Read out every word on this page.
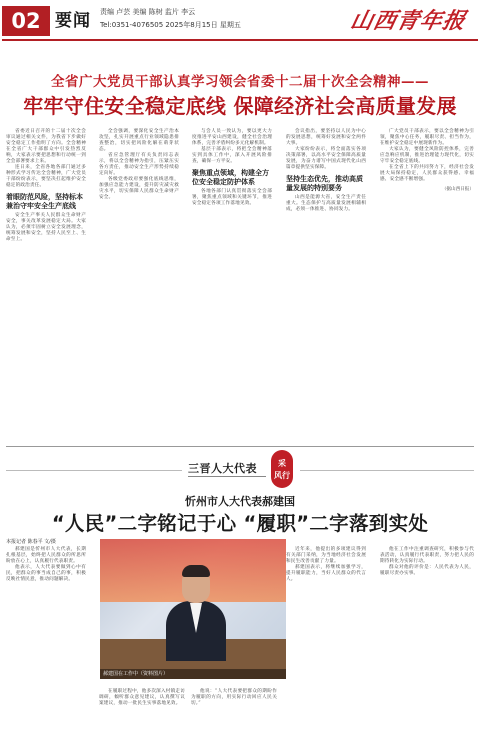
02 要闻 责编 卢芸 美编 陈树 监片 李云
Tel:0351-4076505 2025年8月15日 星期五	山西青年报
全省广大党员干部认真学习领会省委十二届十次全会精神——
牢牢守住安全稳定底线 保障经济社会高质量发展

省委近日召开的十二届十次全会审议通过相关文件，为我省下步做好安全稳定工作指明了方向。全会精神在全省广大干部群众中引发热烈反响，大家表示要把思想和行动统一到全会部署要求上来。

连日来，全省各地各部门通过多种形式学习传达全会精神，广大党员干部纷纷表示，要坚决扛起维护安全稳定的政治责任。

着眼防范风险，坚持标本兼治守牢安全生产底线

安全生产事关人民群众生命财产安全，事关改革发展稳定大局。大家认为，必须牢固树立安全发展理念，统筹发展和安全，坚持人民至上、生命至上。

全会强调，要深化安全生产治本攻坚，扎实开展重点行业领域隐患排查整治，切实把风险化解在萌芽状态。

省应急管理厅有关负责同志表示，将以全会精神为指引，压紧压实各方责任，推动安全生产形势持续稳定向好。

各级党委政府要强化底线思维，加强应急能力建设，提升防灾减灾救灾水平，切实保障人民群众生命财产安全。

与会人员一致认为，要以更大力度推进平安山西建设，健全社会治理体系，完善矛盾纠纷多元化解机制。

基层干部表示，将把全会精神落实到具体工作中，深入开展风险排查，确保一方平安。

聚焦重点领域，构建全方位安全稳定防护体系

各地各部门认真贯彻落实全会部署，聚焦重点领域和关键环节，推进安全稳定各项工作落地见效。

会议指出，要坚持以人民为中心的发展思想，统筹好发展和安全两件大事。

大家纷纷表示，将全面落实各项决策部署，以高水平安全保障高质量发展，为奋力谱写中国式现代化山西篇章提供坚实保障。

坚持生态优先，推动高质量发展的特别要务

山西是能源大省，安全生产责任重大。生态保护与高质量发展相辅相成，必须一体推进、协同发力。

广大党员干部表示，要以全会精神为引领，聚焦中心任务，履职尽责、担当作为，在维护安全稳定中展现新作为。

大家认为，要健全风险防控体系，完善应急响应机制，推进治理能力现代化，切实守牢安全稳定底线。

在全省上下的共同努力下，经济社会发展大局保持稳定，人民群众获得感、幸福感、安全感不断增强。

（据山西日报）
三晋人大代表	采
风行
忻州市人大代表郝建国
“人民”二字铭记于心 “履职”二字落到实处
本报记者 陈春平 文/摄

郝建国是忻州市人大代表，长期扎根基层，始终把人民群众的所思所盼放在心上，认真履行代表职责。

他表示，人大代表要做到心中有民，把群众的事当成自己的事，积极反映社情民意，推动问题解决。

在履职过程中，他多次深入村镇走访调研，倾听群众意见建议，认真撰写议案建议，推动一批民生实事落地见效。

他说：“人大代表要把群众的期盼作为履职的方向，用实际行动回应人民关切。”

近年来，他提出的多项建议得到有关部门采纳，为当地经济社会发展和民生改善贡献了力量。

郝建国表示，将继续加强学习，提升履职能力，当好人民群众的代言人。

他在工作中注重调查研究，积极参与代表活动，认真履行代表职责，努力把人民的期待转化为实际行动。

群众对他的评价是：人民代表为人民，履职尽责办实事。

郝建国在工作中（资料图片）
